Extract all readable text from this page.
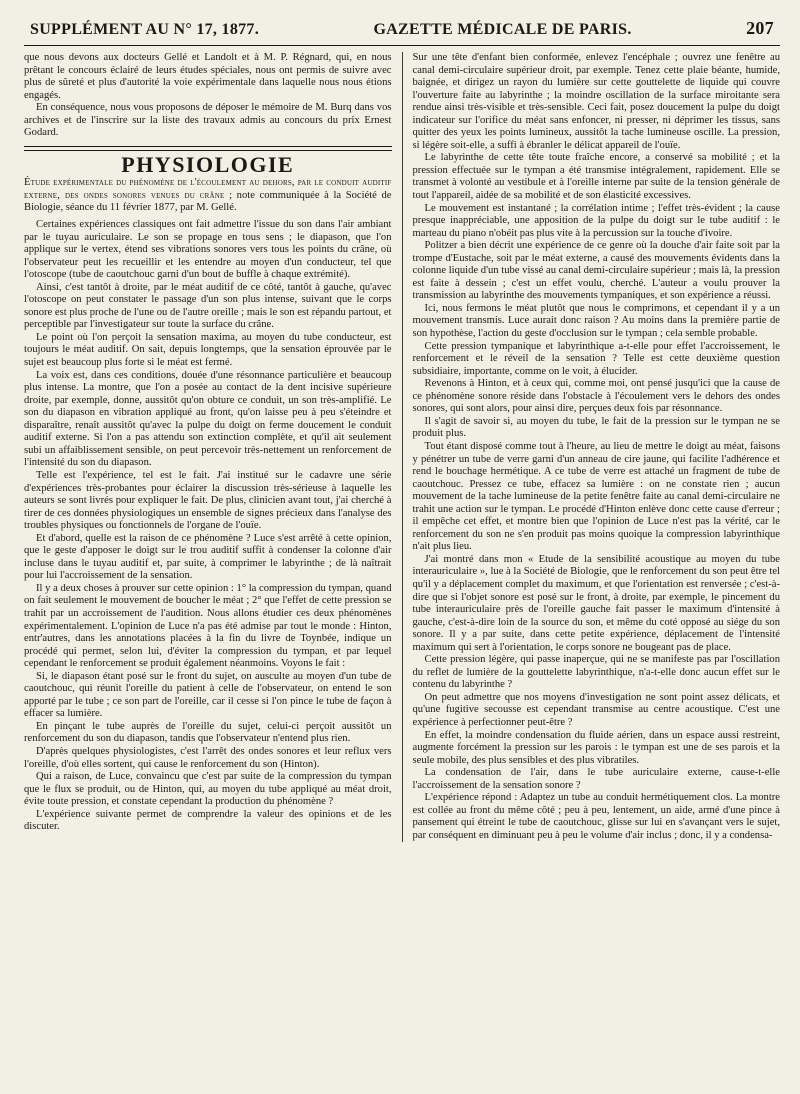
SUPPLÉMENT AU N° 17, 1877.	GAZETTE MÉDICALE DE PARIS.	207

que nous devons aux docteurs Gellé et Landolt et à M. P. Régnard, qui, en nous prêtant le concours éclairé de leurs études spéciales, nous ont permis de suivre avec plus de sûreté et plus d'autorité la voie expérimentale dans laquelle nous nous étions engagés.

En conséquence, nous vous proposons de déposer le mémoire de M. Burq dans vos archives et de l'inscrire sur la liste des travaux admis au concours du prix Ernest Godard.

PHYSIOLOGIE
Étude expérimentale du phénomène de l'écoulement au dehors, par le conduit auditif externe, des ondes sonores venues du crâne ; note communiquée à la Société de Biologie, séance du 11 février 1877, par M. Gellé.

Certaines expériences classiques ont fait admettre l'issue du son dans l'air ambiant par le tuyau auriculaire. Le son se propage en tous sens ; le diapason, que l'on applique sur le vertex, étend ses vibrations sonores vers tous les points du crâne, où l'observateur peut les recueillir et les entendre au moyen d'un conducteur, tel que l'otoscope (tube de caoutchouc garni d'un bout de buffle à chaque extrémité).

Ainsi, c'est tantôt à droite, par le méat auditif de ce côté, tantôt à gauche, qu'avec l'otoscope on peut constater le passage d'un son plus intense, suivant que le corps sonore est plus proche de l'une ou de l'autre oreille ; mais le son est répandu partout, et perceptible par l'investigateur sur toute la surface du crâne.

Le point où l'on perçoit la sensation maxima, au moyen du tube conducteur, est toujours le méat auditif. On sait, depuis longtemps, que la sensation éprouvée par le sujet est beaucoup plus forte si le méat est fermé.

La voix est, dans ces conditions, douée d'une résonnance particulière et beaucoup plus intense. La montre, que l'on a posée au contact de la dent incisive supérieure droite, par exemple, donne, aussitôt qu'on obture ce conduit, un son très-amplifié. Le son du diapason en vibration appliqué au front, qu'on laisse peu à peu s'éteindre et disparaître, renaît aussitôt qu'avec la pulpe du doigt on ferme doucement le conduit auditif externe. Si l'on a pas attendu son extinction complète, et qu'il ait seulement subi un affaiblissement sensible, on peut percevoir très-nettement un renforcement de l'intensité du son du diapason.

Telle est l'expérience, tel est le fait. J'ai institué sur le cadavre une série d'expériences très-probantes pour éclairer la discussion très-sérieuse à laquelle les auteurs se sont livrés pour expliquer le fait. De plus, clinicien avant tout, j'ai cherché à tirer de ces données physiologiques un ensemble de signes précieux dans l'analyse des troubles physiques ou fonctionnels de l'organe de l'ouïe.

Et d'abord, quelle est la raison de ce phénomène ? Luce s'est arrêté à cette opinion, que le geste d'apposer le doigt sur le trou auditif suffit à condenser la colonne d'air incluse dans le tuyau auditif et, par suite, à comprimer le labyrinthe ; de là naîtrait pour lui l'accroissement de la sensation.

Il y a deux choses à prouver sur cette opinion : 1° la compression du tympan, quand on fait seulement le mouvement de boucher le méat ; 2° que l'effet de cette pression se trahit par un accroissement de l'audition. Nous allons étudier ces deux phénomènes expérimentalement. L'opinion de Luce n'a pas été admise par tout le monde : Hinton, entr'autres, dans les annotations placées à la fin du livre de Toynbée, indique un procédé qui permet, selon lui, d'éviter la compression du tympan, et par lequel cependant le renforcement se produit également néanmoins. Voyons le fait :

Si, le diapason étant posé sur le front du sujet, on ausculte au moyen d'un tube de caoutchouc, qui réunit l'oreille du patient à celle de l'observateur, on entend le son apporté par le tube ; ce son part de l'oreille, car il cesse si l'on pince le tube de façon à effacer sa lumière.

En pinçant le tube auprès de l'oreille du sujet, celui-ci perçoit aussitôt un renforcement du son du diapason, tandis que l'observateur n'entend plus rien.

D'après quelques physiologistes, c'est l'arrêt des ondes sonores et leur reflux vers l'oreille, d'où elles sortent, qui cause le renforcement du son (Hinton).

Qui a raison, de Luce, convaincu que c'est par suite de la compression du tympan que le flux se produit, ou de Hinton, qui, au moyen du tube appliqué au méat droit, évite toute pression, et constate cependant la production du phénomène ?

L'expérience suivante permet de comprendre la valeur des opinions et de les discuter.

Sur une tête d'enfant bien conformée, enlevez l'encéphale ; ouvrez une fenêtre au canal demi-circulaire supérieur droit, par exemple. Tenez cette plaie béante, humide, baignée, et dirigez un rayon du lumière sur cette gouttelette de liquide qui couvre l'ouverture faite au labyrinthe ; la moindre oscillation de la surface miroitante sera rendue ainsi très-visible et très-sensible. Ceci fait, posez doucement la pulpe du doigt indicateur sur l'orifice du méat sans enfoncer, ni presser, ni déprimer les tissus, sans quitter des yeux les points lumineux, aussitôt la tache lumineuse oscille. La pression, si légère soit-elle, a suffi à ébranler le délicat appareil de l'ouïe.

Le labyrinthe de cette tête toute fraîche encore, a conservé sa mobilité ; et la pression effectuée sur le tympan a été transmise intégralement, rapidement. Elle se transmet à volonté au vestibule et à l'oreille interne par suite de la tension générale de tout l'appareil, aidée de sa mobilité et de son élasticité excessives.

Le mouvement est instantané ; la corrélation intime ; l'effet très-évident ; la cause presque inappréciable, une apposition de la pulpe du doigt sur le tube auditif : le marteau du piano n'obéit pas plus vite à la percussion sur la touche d'ivoire.

Politzer a bien décrit une expérience de ce genre où la douche d'air faite soit par la trompe d'Eustache, soit par le méat externe, a causé des mouvements évidents dans la colonne liquide d'un tube vissé au canal demi-circulaire supérieur ; mais là, la pression est faite à dessein ; c'est un effet voulu, cherché. L'auteur a voulu prouver la transmission au labyrinthe des mouvements tympaniques, et son expérience a réussi.

Ici, nous fermons le méat plutôt que nous le comprimons, et cependant il y a un mouvement transmis. Luce aurait donc raison ? Au moins dans la première partie de son hypothèse, l'action du geste d'occlusion sur le tympan ; cela semble probable.

Cette pression tympanique et labyrinthique a-t-elle pour effet l'accroissement, le renforcement et le réveil de la sensation ? Telle est cette deuxième question subsidiaire, importante, comme on le voit, à élucider.

Revenons à Hinton, et à ceux qui, comme moi, ont pensé jusqu'ici que la cause de ce phénomène sonore réside dans l'obstacle à l'écoulement vers le dehors des ondes sonores, qui sont alors, pour ainsi dire, perçues deux fois par résonnance.

Il s'agit de savoir si, au moyen du tube, le fait de la pression sur le tympan ne se produit plus.

Tout étant disposé comme tout à l'heure, au lieu de mettre le doigt au méat, faisons y pénétrer un tube de verre garni d'un anneau de cire jaune, qui facilite l'adhérence et rend le bouchage hermétique. A ce tube de verre est attaché un fragment de tube de caoutchouc. Pressez ce tube, effacez sa lumière : on ne constate rien ; aucun mouvement de la tache lumineuse de la petite fenêtre faite au canal demi-circulaire ne trahit une action sur le tympan. Le procédé d'Hinton enlève donc cette cause d'erreur ; il empêche cet effet, et montre bien que l'opinion de Luce n'est pas la vérité, car le renforcement du son ne s'en produit pas moins quoique la compression labyrinthique n'ait plus lieu.

J'ai montré dans mon « Etude de la sensibilité acoustique au moyen du tube interauriculaire », lue à la Société de Biologie, que le renforcement du son peut être tel qu'il y a déplacement complet du maximum, et que l'orientation est renversée ; c'est-à-dire que si l'objet sonore est posé sur le front, à droite, par exemple, le pincement du tube interauriculaire près de l'oreille gauche fait passer le maximum d'intensité à gauche, c'est-à-dire loin de la source du son, et même du coté opposé au siége du son sonore. Il y a par suite, dans cette petite expérience, déplacement de l'intensité maximum qui sert à l'orientation, le corps sonore ne bougeant pas de place.

Cette pression légère, qui passe inaperçue, qui ne se manifeste pas par l'oscillation du reflet de lumière de la gouttelette labyrinthique, n'a-t-elle donc aucun effet sur le contenu du labyrinthe ?

On peut admettre que nos moyens d'investigation ne sont point assez délicats, et qu'une fugitive secousse est cependant transmise au centre acoustique. C'est une expérience à perfectionner peut-être ?

En effet, la moindre condensation du fluide aérien, dans un espace aussi restreint, augmente forcément la pression sur les parois : le tympan est une de ses parois et la seule mobile, des plus sensibles et des plus vibratiles.

La condensation de l'air, dans le tube auriculaire externe, cause-t-elle l'accroissement de la sensation sonore ?

L'expérience répond : Adaptez un tube au conduit hermétiquement clos. La montre est collée au front du même côté ; peu à peu, lentement, un aide, armé d'une pince à pansement qui étreint le tube de caoutchouc, glisse sur lui en s'avançant vers le sujet, par conséquent en diminuant peu à peu le volume d'air inclus ; donc, il y a condensa-
